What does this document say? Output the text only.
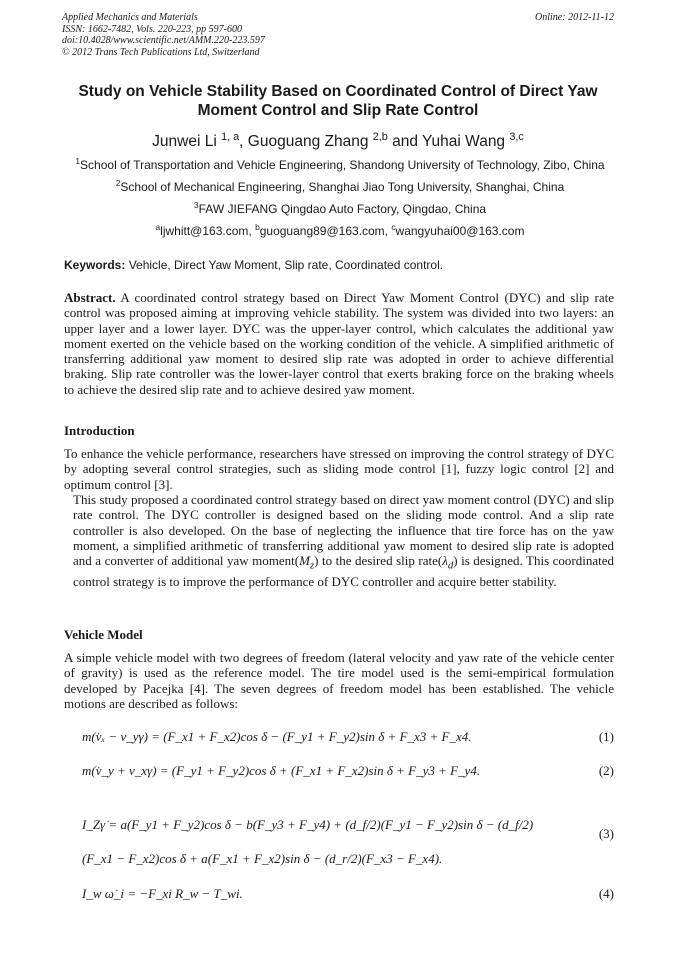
Applied Mechanics and Materials
ISSN: 1662-7482, Vols. 220-223, pp 597-600
doi:10.4028/www.scientific.net/AMM.220-223.597
© 2012 Trans Tech Publications Ltd, Switzerland
Online: 2012-11-12
Study on Vehicle Stability Based on Coordinated Control of Direct Yaw
Moment Control and Slip Rate Control
Junwei Li $^{1, a}$, Guoguang Zhang $^{2,b}$ and Yuhai Wang $^{3,c}$
$^1$School of Transportation and Vehicle Engineering, Shandong University of Technology, Zibo, China
$^2$School of Mechanical Engineering, Shanghai Jiao Tong University, Shanghai, China
$^3$FAW JIEFANG Qingdao Auto Factory, Qingdao, China
$^a$ljwhitt@163.com, $^b$guoguang89@163.com, $^c$wangyuhai00@163.com
Keywords: Vehicle, Direct Yaw Moment, Slip rate, Coordinated control.
Abstract. A coordinated control strategy based on Direct Yaw Moment Control (DYC) and slip rate control was proposed aiming at improving vehicle stability. The system was divided into two layers: an upper layer and a lower layer. DYC was the upper-layer control, which calculates the additional yaw moment exerted on the vehicle based on the working condition of the vehicle. A simplified arithmetic of transferring additional yaw moment to desired slip rate was adopted in order to achieve differential braking. Slip rate controller was the lower-layer control that exerts braking force on the braking wheels to achieve the desired slip rate and to achieve desired yaw moment.
Introduction
To enhance the vehicle performance, researchers have stressed on improving the control strategy of DYC by adopting several control strategies, such as sliding mode control [1], fuzzy logic control [2] and optimum control [3].
This study proposed a coordinated control strategy based on direct yaw moment control (DYC) and slip rate control. The DYC controller is designed based on the sliding mode control. And a slip rate controller is also developed. On the base of neglecting the influence that tire force has on the yaw moment, a simplified arithmetic of transferring additional yaw moment to desired slip rate is adopted and a converter of additional yaw $moment(M_z)$ to the desired slip $rate(\lambda_d)$ is designed. This coordinated control strategy is to improve the performance of DYC controller and acquire better stability.
Vehicle Model
A simple vehicle model with two degrees of freedom (lateral velocity and yaw rate of the vehicle center of gravity) is used as the reference model. The tire model used is the semi-empirical formulation developed by Pacejka [4]. The seven degrees of freedom model has been established. The vehicle motions are described as follows:
m(v̇ₓ − v_yγ) = (F_x1 + F_x2)cos δ − (F_y1 + F_y2)sin δ + F_x3 + F_x4.	(1)
m(v̇_y + v_xγ) = (F_y1 + F_y2)cos δ + (F_x1 + F_x2)sin δ + F_y3 + F_y4.	(2)
I_Zγ̇ = a(F_y1 + F_y2)cos δ − b(F_y3 + F_y4) + (d_f/2)(F_y1 − F_y2)sin δ − (d_f/2)(F_x1 − F_x2)cos δ + a(F_x1 + F_x2)sin δ − (d_r/2)(F_x3 − F_x4).
(3)
I_w ω̇_i = −F_xi R_w − T_wi.	(4)
